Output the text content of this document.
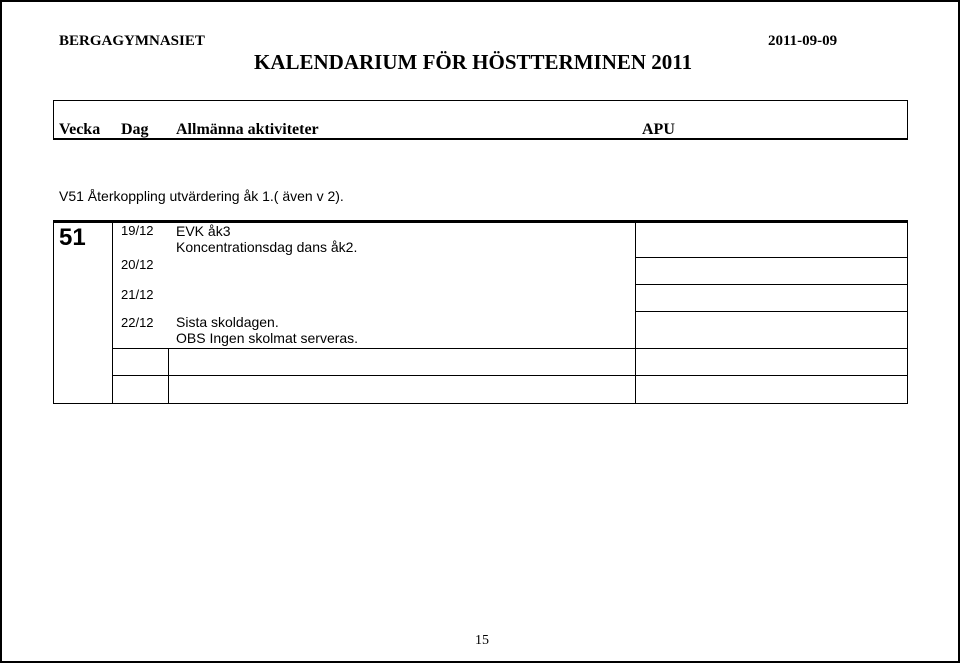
BERGAGYMNASIET	2011-09-09
KALENDARIUM FÖR HÖSTTERMINEN 2011
Vecka Dag Allmänna aktiviteter	APU
V51 Återkoppling utvärdering åk 1.( även v 2).
51	19/12 EVK åk3
Koncentrationsdag dans åk2.
20/12
21/12
22/12 Sista skoldagen.
OBS Ingen skolmat serveras.
15
